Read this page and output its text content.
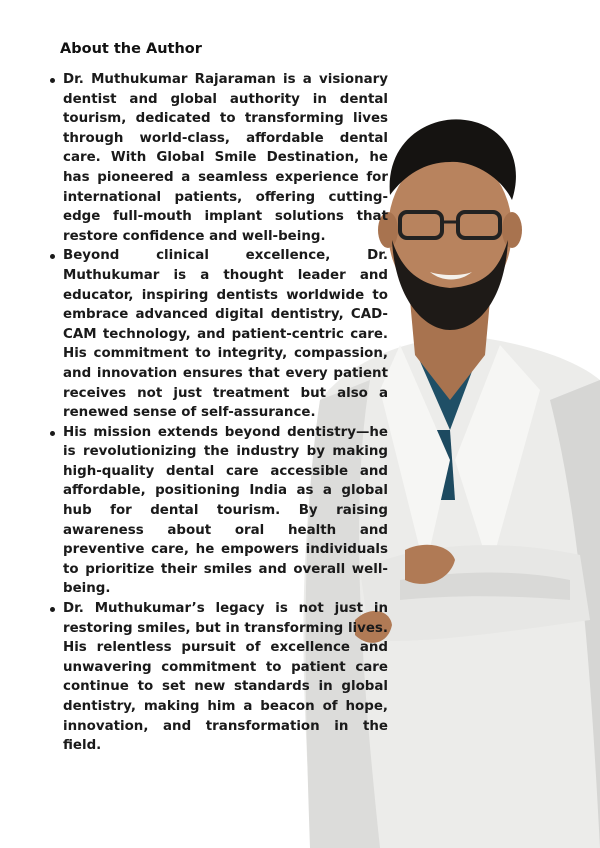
About the Author
Dr. Muthukumar Rajaraman is a visionary dentist and global authority in dental tourism, dedicated to transforming lives through world-class, affordable dental care. With Global Smile Destination, he has pioneered a seamless experience for international patients, offering cutting-edge full-mouth implant solutions that restore confidence and well-being.
Beyond clinical excellence, Dr. Muthukumar is a thought leader and educator, inspiring dentists worldwide to embrace advanced digital dentistry, CAD-CAM technology, and patient-centric care. His commitment to integrity, compassion, and innovation ensures that every patient receives not just treatment but also a renewed sense of self-assurance.
His mission extends beyond dentistry—he is revolutionizing the industry by making high-quality dental care accessible and affordable, positioning India as a global hub for dental tourism. By raising awareness about oral health and preventive care, he empowers individuals to prioritize their smiles and overall well-being.
Dr. Muthukumar’s legacy is not just in restoring smiles, but in transforming lives. His relentless pursuit of excellence and unwavering commitment to patient care continue to set new standards in global dentistry, making him a beacon of hope, innovation, and transformation in the field.
